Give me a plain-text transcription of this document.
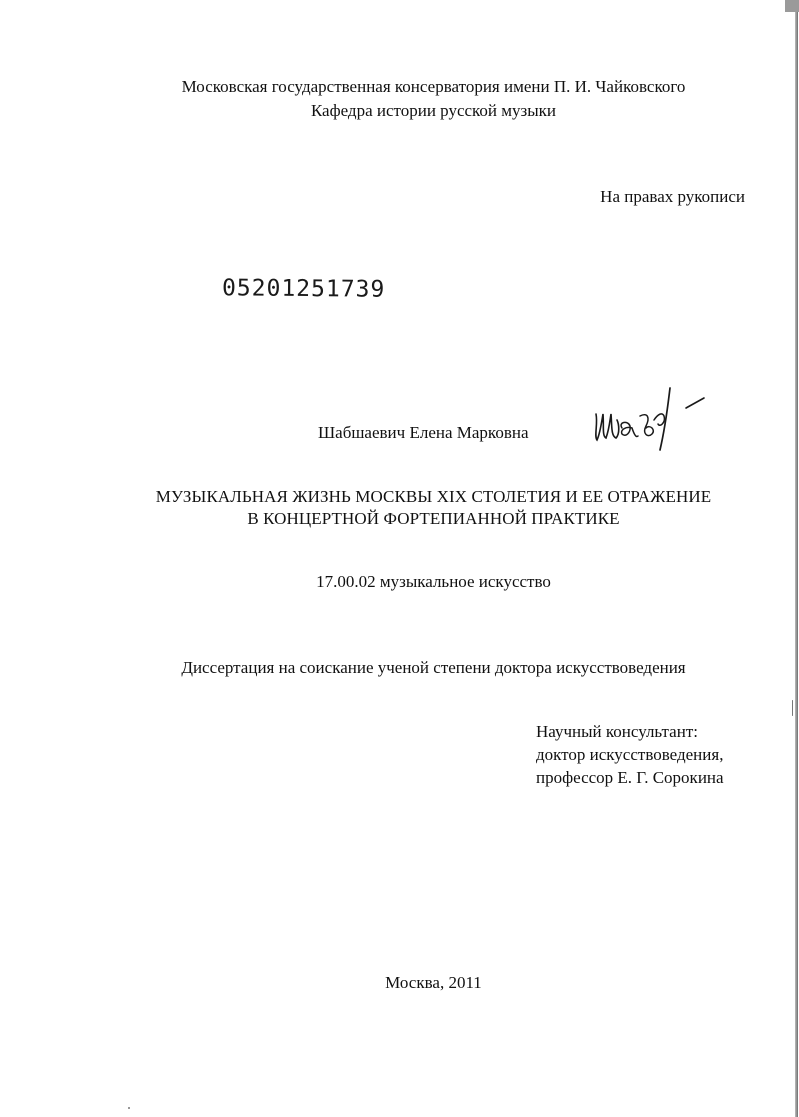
Московская государственная консерватория имени П. И. Чайковского
Кафедра истории русской музыки
На правах рукописи
05201251739
Шабшаевич Елена Марковна
Шаб
МУЗЫКАЛЬНАЯ ЖИЗНЬ МОСКВЫ XIX СТОЛЕТИЯ И ЕЕ ОТРАЖЕНИЕ
В КОНЦЕРТНОЙ ФОРТЕПИАННОЙ ПРАКТИКЕ
17.00.02 музыкальное искусство
Диссертация на соискание ученой степени доктора искусствоведения
Научный консультант:
доктор искусствоведения,
профессор Е. Г. Сорокина
Москва, 2011
